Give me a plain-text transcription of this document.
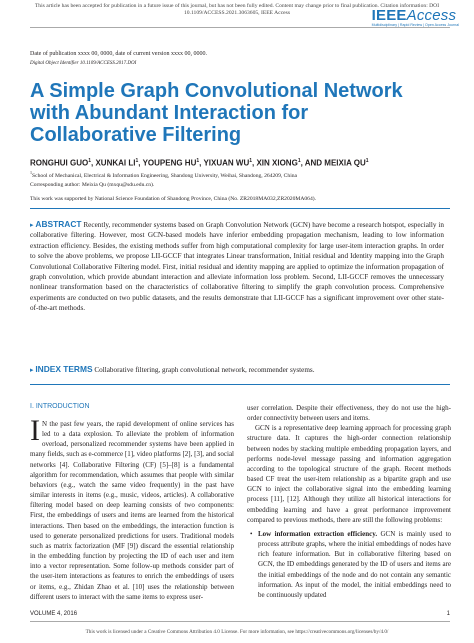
This article has been accepted for publication in a future issue of this journal, but has not been fully edited. Content may change prior to final publication. Citation information: DOI
10.1109/ACCESS.2021.3063605, IEEE Access	IEEEAccess
Multidisciplinary | Rapid Review | Open Access Journal
Date of publication xxxx 00, 0000, date of current version xxxx 00, 0000.
Digital Object Identifier 10.1109/ACCESS.2017.DOI
A Simple Graph Convolutional Network
with Abundant Interaction for
Collaborative Filtering
RONGHUI GUO$^1$, XUNKAI $LI^1$, YOUPENG $HU^1$, YIXUAN $WU^1$, XIN XIONG$^1$, AND MEIXIA $QU^1$
$^1$School of Mechanical, Electrical & Information Engineering, Shandong University, Weihai, Shandong, 264209, China
Corresponding author: Meixia Qu (mxqu@sdu.edu.cn).
This work was supported by National Science Foundation of Shandong Province, China (No. ZR2018MA032,ZR2020MA064).
▸ ABSTRACT Recently, recommender systems based on Graph Convolution Network (GCN) have become a research hotspot, especially in collaborative filtering. However, most GCN-based models have inferior embedding propagation mechanism, leading to low information extraction efficiency. Besides, the existing methods suffer from high computational complexity for large user-item interaction graphs. In order to solve the above problems, we propose LII-GCCF that integrates Linear transformation, Initial residual and Identity mapping into the Graph Convolutional Collaborative Filtering model. First, initial residual and identity mapping are applied to optimize the information propagation of graph convolution, which provide abundant interaction and alleviate information loss problem. Second, LII-GCCF removes the unnecessary nonlinear transformation based on the characteristics of collaborative filtering to simplify the graph convolution process. Comprehensive experiments are conducted on two public datasets, and the results demonstrate that LII-GCCF has a significant improvement over other state-of-the-art methods.
▸ INDEX TERMS Collaborative filtering, graph convolutional network, recommender systems.
I. INTRODUCTION

I N the past few years, the rapid development of online services has led to a data explosion. To alleviate the problem of information overload, personalized recommender systems have been applied in many fields, such as e-commerce [1], video platforms [2], [3], and social networks [4]. Collaborative Filtering (CF) [5]–[8] is a fundamental algorithm for recommendation, which assumes that people with similar behaviors (e.g., watch the same video frequently) in the past have similar interests in items (e.g., music, videos, articles). A collaborative filtering model based on deep learning consists of two components: First, the embeddings of users and items are learned from the historical interactions. Then based on the embeddings, the interaction function is used to generate personalized predictions for users. Traditional models such as matrix factorization (MF [9]) discard the essential relationship in the embedding function by projecting the ID of each user and item into a vector representation. Some follow-up methods consider part of the user-item interactions as features to enrich the embeddings of users or items, e.g., Zhidan Zhao et al. [10] uses the relationship between different users to interact with the same items to express user-

user correlation. Despite their effectiveness, they do not use the high-order connectivity between users and items.

GCN is a representative deep learning approach for processing graph structure data. It captures the high-order connection relationship between nodes by stacking multiple embedding propagation layers, and performs node-level message passing and information aggregation according to the topological structure of the graph. Recent methods based CF treat the user-item relationship as a bipartite graph and use GCN to inject the collaborative signal into the embedding learning process [11], [12]. Although they utilize all historical interactions for embedding learning and have a great performance improvement compared to previous methods, there are still the following problems:

• Low information extraction efficiency. GCN is mainly used to process attribute graphs, where the initial embeddings of nodes have rich feature information. But in collaborative filtering based on GCN, the ID embeddings generated by the ID of users and items are the initial embeddings of the node and do not contain any semantic information. As input of the model, the initial embeddings need to be continuously updated

VOLUME 4, 2016	1
This work is licensed under a Creative Commons Attribution 4.0 License. For more information, see https://creativecommons.org/licenses/by/4.0/
